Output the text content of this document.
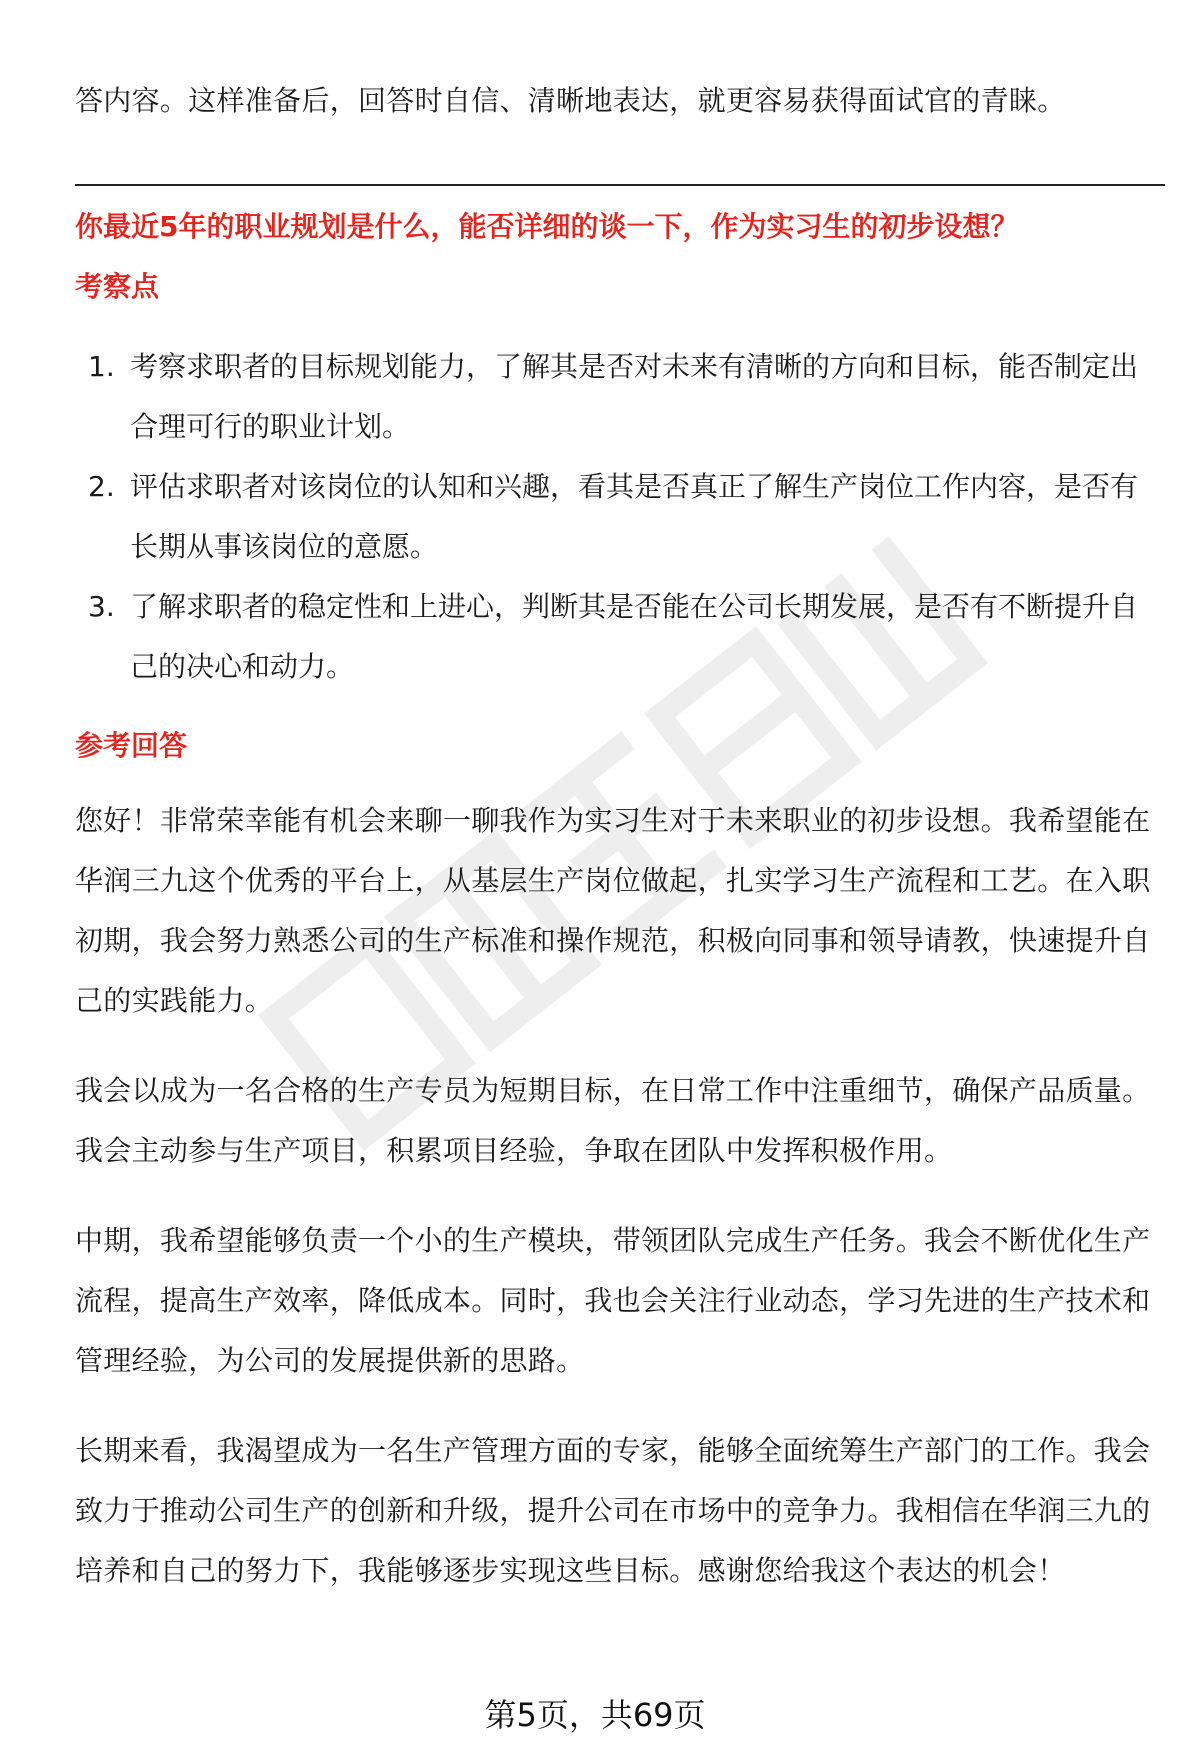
答内容。这样准备后，回答时自信、清晰地表达，就更容易获得面试官的青睐。

你最近5年的职业规划是什么，能否详细的谈一下，作为实习生的初步设想？

考察点

1. 考察求职者的目标规划能力，了解其是否对未来有清晰的方向和目标，能否制定出合理可行的职业计划。
2. 评估求职者对该岗位的认知和兴趣，看其是否真正了解生产岗位工作内容，是否有长期从事该岗位的意愿。
3. 了解求职者的稳定性和上进心，判断其是否能在公司长期发展，是否有不断提升自己的决心和动力。

参考回答

您好！非常荣幸能有机会来聊一聊我作为实习生对于未来职业的初步设想。我希望能在华润三九这个优秀的平台上，从基层生产岗位做起，扎实学习生产流程和工艺。在入职初期，我会努力熟悉公司的生产标准和操作规范，积极向同事和领导请教，快速提升自己的实践能力。

我会以成为一名合格的生产专员为短期目标，在日常工作中注重细节，确保产品质量。我会主动参与生产项目，积累项目经验，争取在团队中发挥积极作用。

中期，我希望能够负责一个小的生产模块，带领团队完成生产任务。我会不断优化生产流程，提高生产效率，降低成本。同时，我也会关注行业动态，学习先进的生产技术和管理经验，为公司的发展提供新的思路。

长期来看，我渴望成为一名生产管理方面的专家，能够全面统筹生产部门的工作。我会致力于推动公司生产的创新和升级，提升公司在市场中的竞争力。我相信在华润三九的培养和自己的努力下，我能够逐步实现这些目标。感谢您给我这个表达的机会！

第5页，共69页
